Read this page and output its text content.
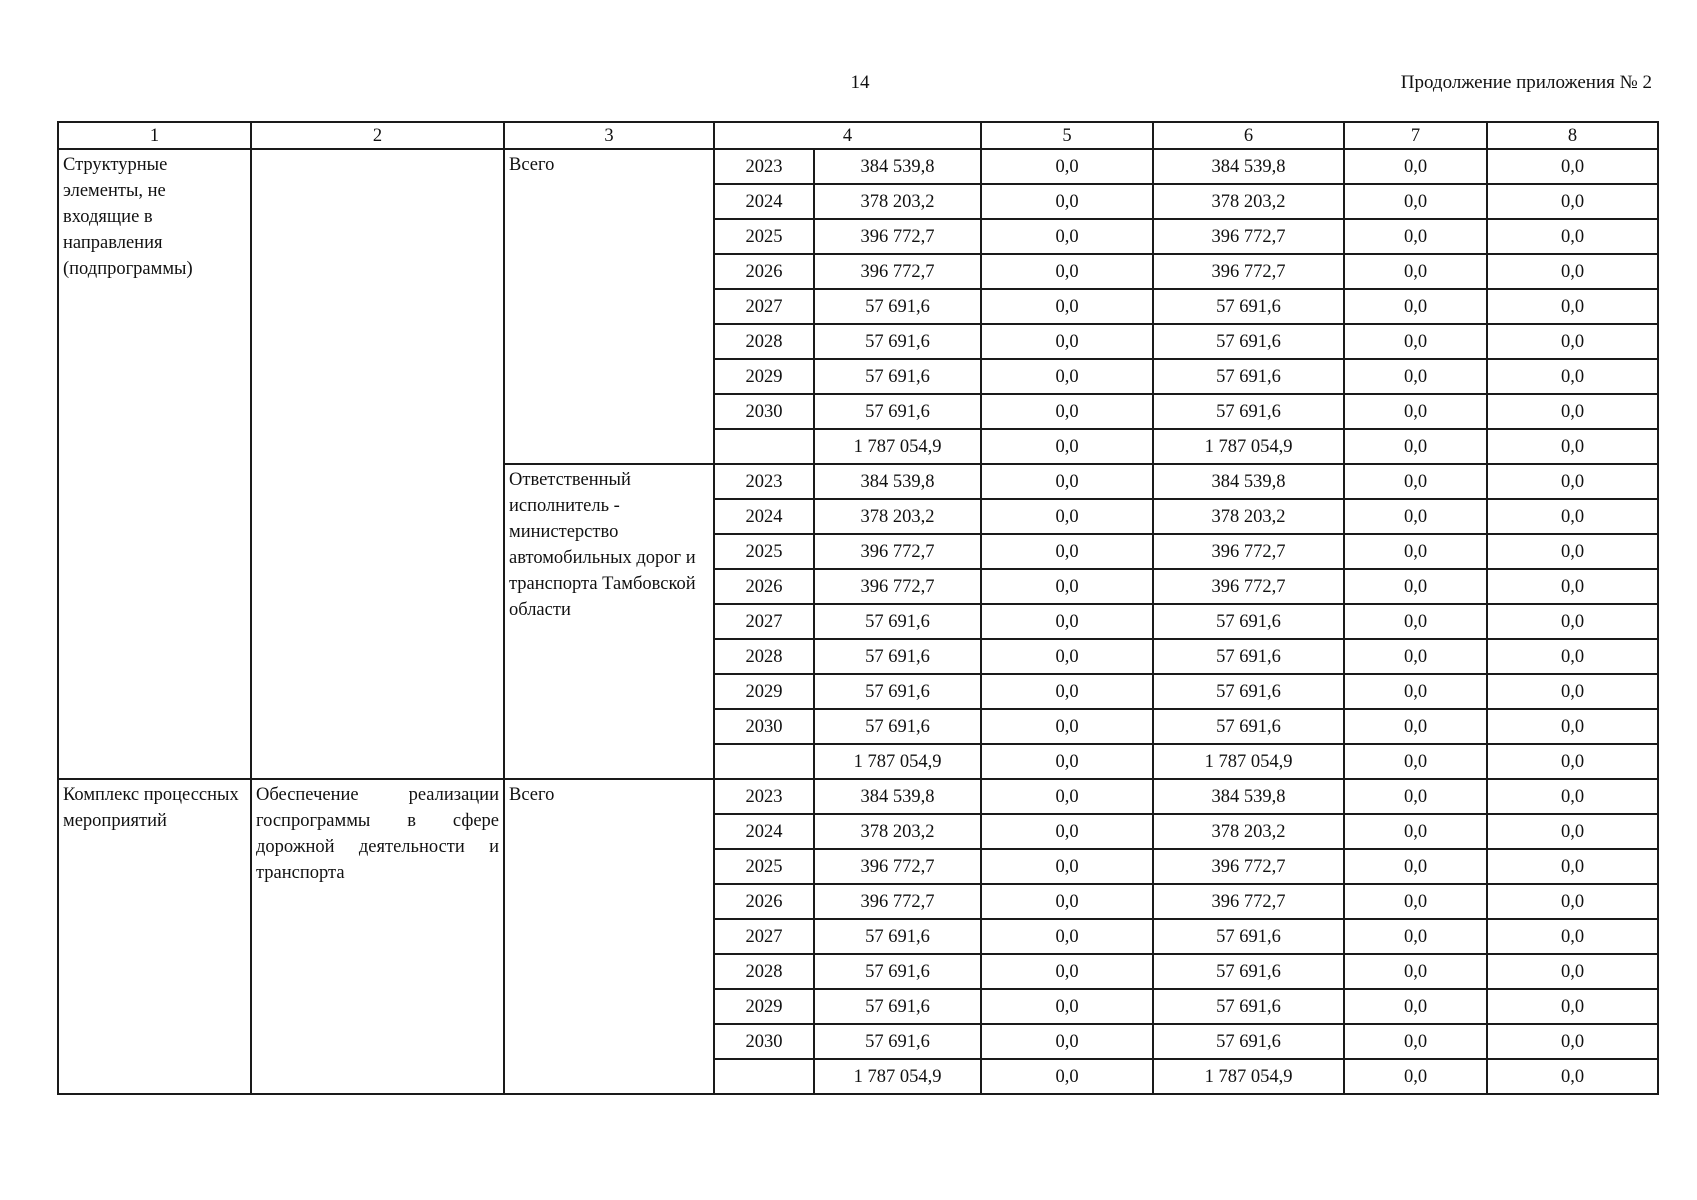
14	Продолжение приложения № 2
1	2	3	4		5	6	7	8
Структурные элементы, не входящие в направления (подпрограммы)		Всего	2023	384 539,8	0,0	384 539,8	0,0	0,0
			2024	378 203,2	0,0	378 203,2	0,0	0,0
			2025	396 772,7	0,0	396 772,7	0,0	0,0
			2026	396 772,7	0,0	396 772,7	0,0	0,0
			2027	57 691,6	0,0	57 691,6	0,0	0,0
			2028	57 691,6	0,0	57 691,6	0,0	0,0
			2029	57 691,6	0,0	57 691,6	0,0	0,0
			2030	57 691,6	0,0	57 691,6	0,0	0,0
				1 787 054,9	0,0	1 787 054,9	0,0	0,0
		Ответственный исполнитель - министерство автомобильных дорог и транспорта Тамбовской области	2023	384 539,8	0,0	384 539,8	0,0	0,0
			2024	378 203,2	0,0	378 203,2	0,0	0,0
			2025	396 772,7	0,0	396 772,7	0,0	0,0
			2026	396 772,7	0,0	396 772,7	0,0	0,0
			2027	57 691,6	0,0	57 691,6	0,0	0,0
			2028	57 691,6	0,0	57 691,6	0,0	0,0
			2029	57 691,6	0,0	57 691,6	0,0	0,0
			2030	57 691,6	0,0	57 691,6	0,0	0,0
				1 787 054,9	0,0	1 787 054,9	0,0	0,0
Комплекс процессных мероприятий	Обеспечение реализации госпрограммы в сфере дорожной деятельности и транспорта	Всего	2023	384 539,8	0,0	384 539,8	0,0	0,0
			2024	378 203,2	0,0	378 203,2	0,0	0,0
			2025	396 772,7	0,0	396 772,7	0,0	0,0
			2026	396 772,7	0,0	396 772,7	0,0	0,0
			2027	57 691,6	0,0	57 691,6	0,0	0,0
			2028	57 691,6	0,0	57 691,6	0,0	0,0
			2029	57 691,6	0,0	57 691,6	0,0	0,0
			2030	57 691,6	0,0	57 691,6	0,0	0,0
				1 787 054,9	0,0	1 787 054,9	0,0	0,0
